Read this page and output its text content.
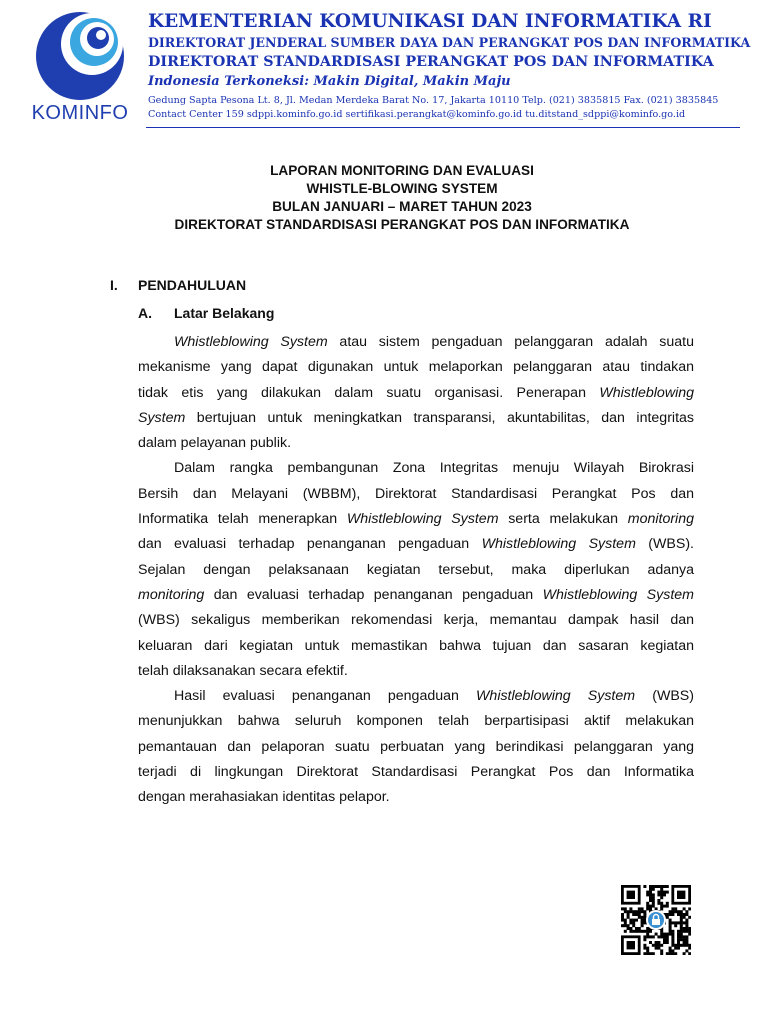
KOMINFO
KEMENTERIAN KOMUNIKASI DAN INFORMATIKA RI
DIREKTORAT JENDERAL SUMBER DAYA DAN PERANGKAT POS DAN INFORMATIKA
DIREKTORAT STANDARDISASI PERANGKAT POS DAN INFORMATIKA
Indonesia Terkoneksi: Makin Digital, Makin Maju
Gedung Sapta Pesona Lt. 8, Jl. Medan Merdeka Barat No. 17, Jakarta 10110 Telp. (021) 3835815 Fax. (021) 3835845
Contact Center 159 sdppi.kominfo.go.id sertifikasi.perangkat@kominfo.go.id tu.ditstand_sdppi@kominfo.go.id
LAPORAN MONITORING DAN EVALUASI
WHISTLE-BLOWING SYSTEM
BULAN JANUARI – MARET TAHUN 2023
DIREKTORAT STANDARDISASI PERANGKAT POS DAN INFORMATIKA
I. PENDAHULUAN
A. Latar Belakang
Whistleblowing System atau sistem pengaduan pelanggaran adalah suatu
mekanisme yang dapat digunakan untuk melaporkan pelanggaran atau tindakan
tidak etis yang dilakukan dalam suatu organisasi. Penerapan Whistleblowing
System bertujuan untuk meningkatkan transparansi, akuntabilitas, dan integritas
dalam pelayanan publik.
Dalam rangka pembangunan Zona Integritas menuju Wilayah Birokrasi
Bersih dan Melayani (WBBM), Direktorat Standardisasi Perangkat Pos dan
Informatika telah menerapkan Whistleblowing System serta melakukan monitoring
dan evaluasi terhadap penanganan pengaduan Whistleblowing System (WBS).
Sejalan dengan pelaksanaan kegiatan tersebut, maka diperlukan adanya
monitoring dan evaluasi terhadap penanganan pengaduan Whistleblowing System
(WBS) sekaligus memberikan rekomendasi kerja, memantau dampak hasil dan
keluaran dari kegiatan untuk memastikan bahwa tujuan dan sasaran kegiatan
telah dilaksanakan secara efektif.
Hasil evaluasi penanganan pengaduan Whistleblowing System (WBS)
menunjukkan bahwa seluruh komponen telah berpartisipasi aktif melakukan
pemantauan dan pelaporan suatu perbuatan yang berindikasi pelanggaran yang
terjadi di lingkungan Direktorat Standardisasi Perangkat Pos dan Informatika
dengan merahasiakan identitas pelapor.
